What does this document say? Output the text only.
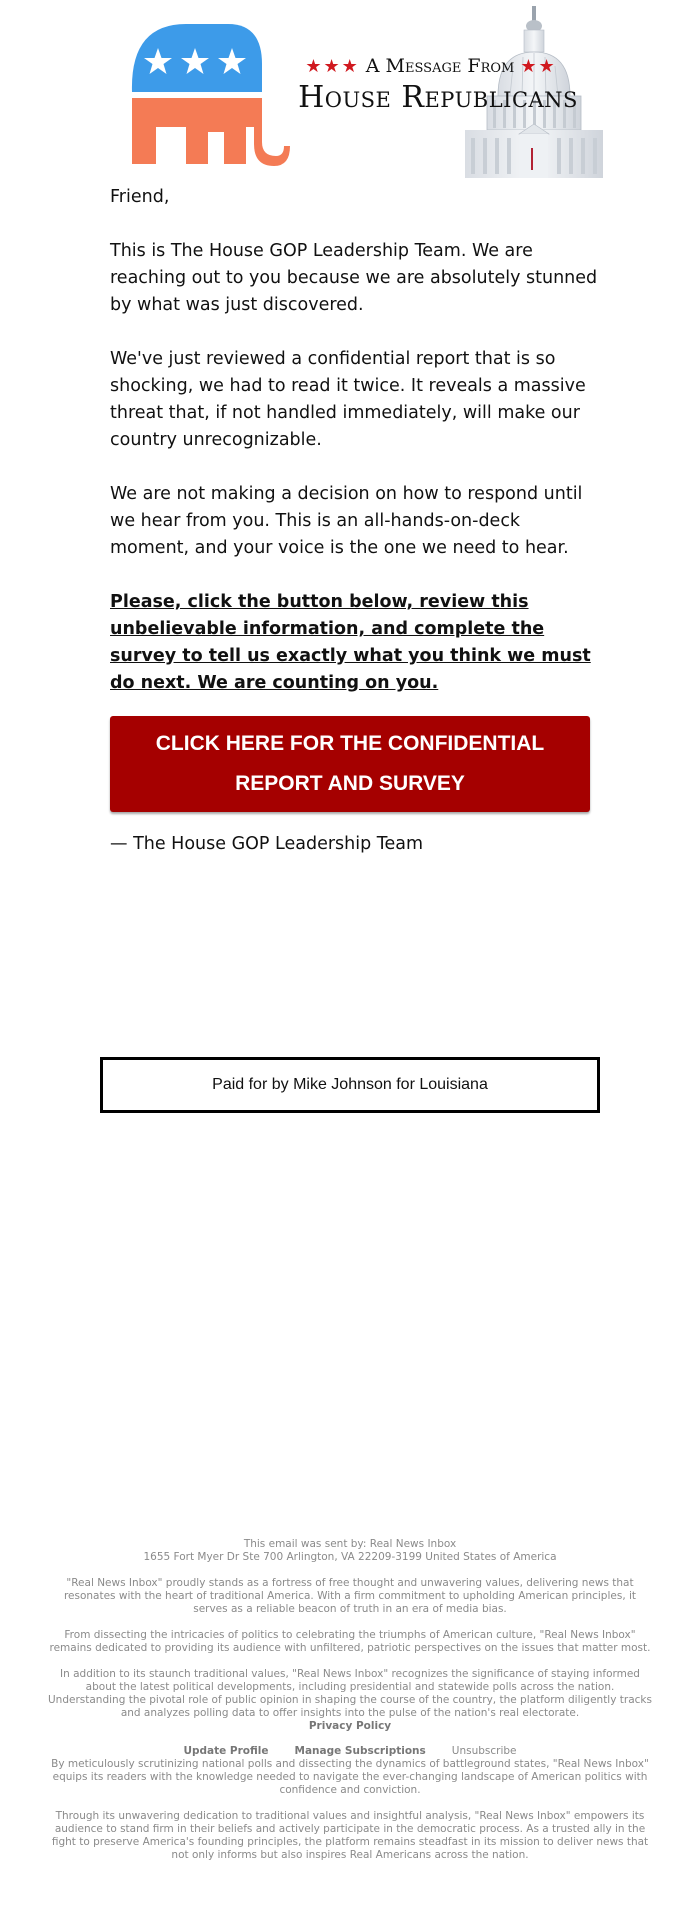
★★★ A Message From ★★
House Republicans

Friend,

This is The House GOP Leadership Team. We are reaching out to you because we are absolutely stunned by what was just discovered.

We've just reviewed a confidential report that is so shocking, we had to read it twice. It reveals a massive threat that, if not handled immediately, will make our country unrecognizable.

We are not making a decision on how to respond until we hear from you. This is an all-hands-on-deck moment, and your voice is the one we need to hear.

Please, click the button below, review this unbelievable information, and complete the survey to tell us exactly what you think we must do next. We are counting on you.

CLICK HERE FOR THE CONFIDENTIAL REPORT AND SURVEY
— The House GOP Leadership Team
Paid for by Mike Johnson for Louisiana

This email was sent by: Real News Inbox

1655 Fort Myer Dr Ste 700 Arlington, VA 22209-3199 United States of America

"Real News Inbox" proudly stands as a fortress of free thought and unwavering values, delivering news that resonates with the heart of traditional America. With a firm commitment to upholding American principles, it serves as a reliable beacon of truth in an era of media bias.

From dissecting the intricacies of politics to celebrating the triumphs of American culture, "Real News Inbox" remains dedicated to providing its audience with unfiltered, patriotic perspectives on the issues that matter most.

In addition to its staunch traditional values, "Real News Inbox" recognizes the significance of staying informed about the latest political developments, including presidential and statewide polls across the nation. Understanding the pivotal role of public opinion in shaping the course of the country, the platform diligently tracks and analyzes polling data to offer insights into the pulse of the nation's real electorate.

Privacy Policy

Update Profile Manage Subscriptions Unsubscribe

By meticulously scrutinizing national polls and dissecting the dynamics of battleground states, "Real News Inbox" equips its readers with the knowledge needed to navigate the ever-changing landscape of American politics with confidence and conviction.

Through its unwavering dedication to traditional values and insightful analysis, "Real News Inbox" empowers its audience to stand firm in their beliefs and actively participate in the democratic process. As a trusted ally in the fight to preserve America's founding principles, the platform remains steadfast in its mission to deliver news that not only informs but also inspires Real Americans across the nation.
